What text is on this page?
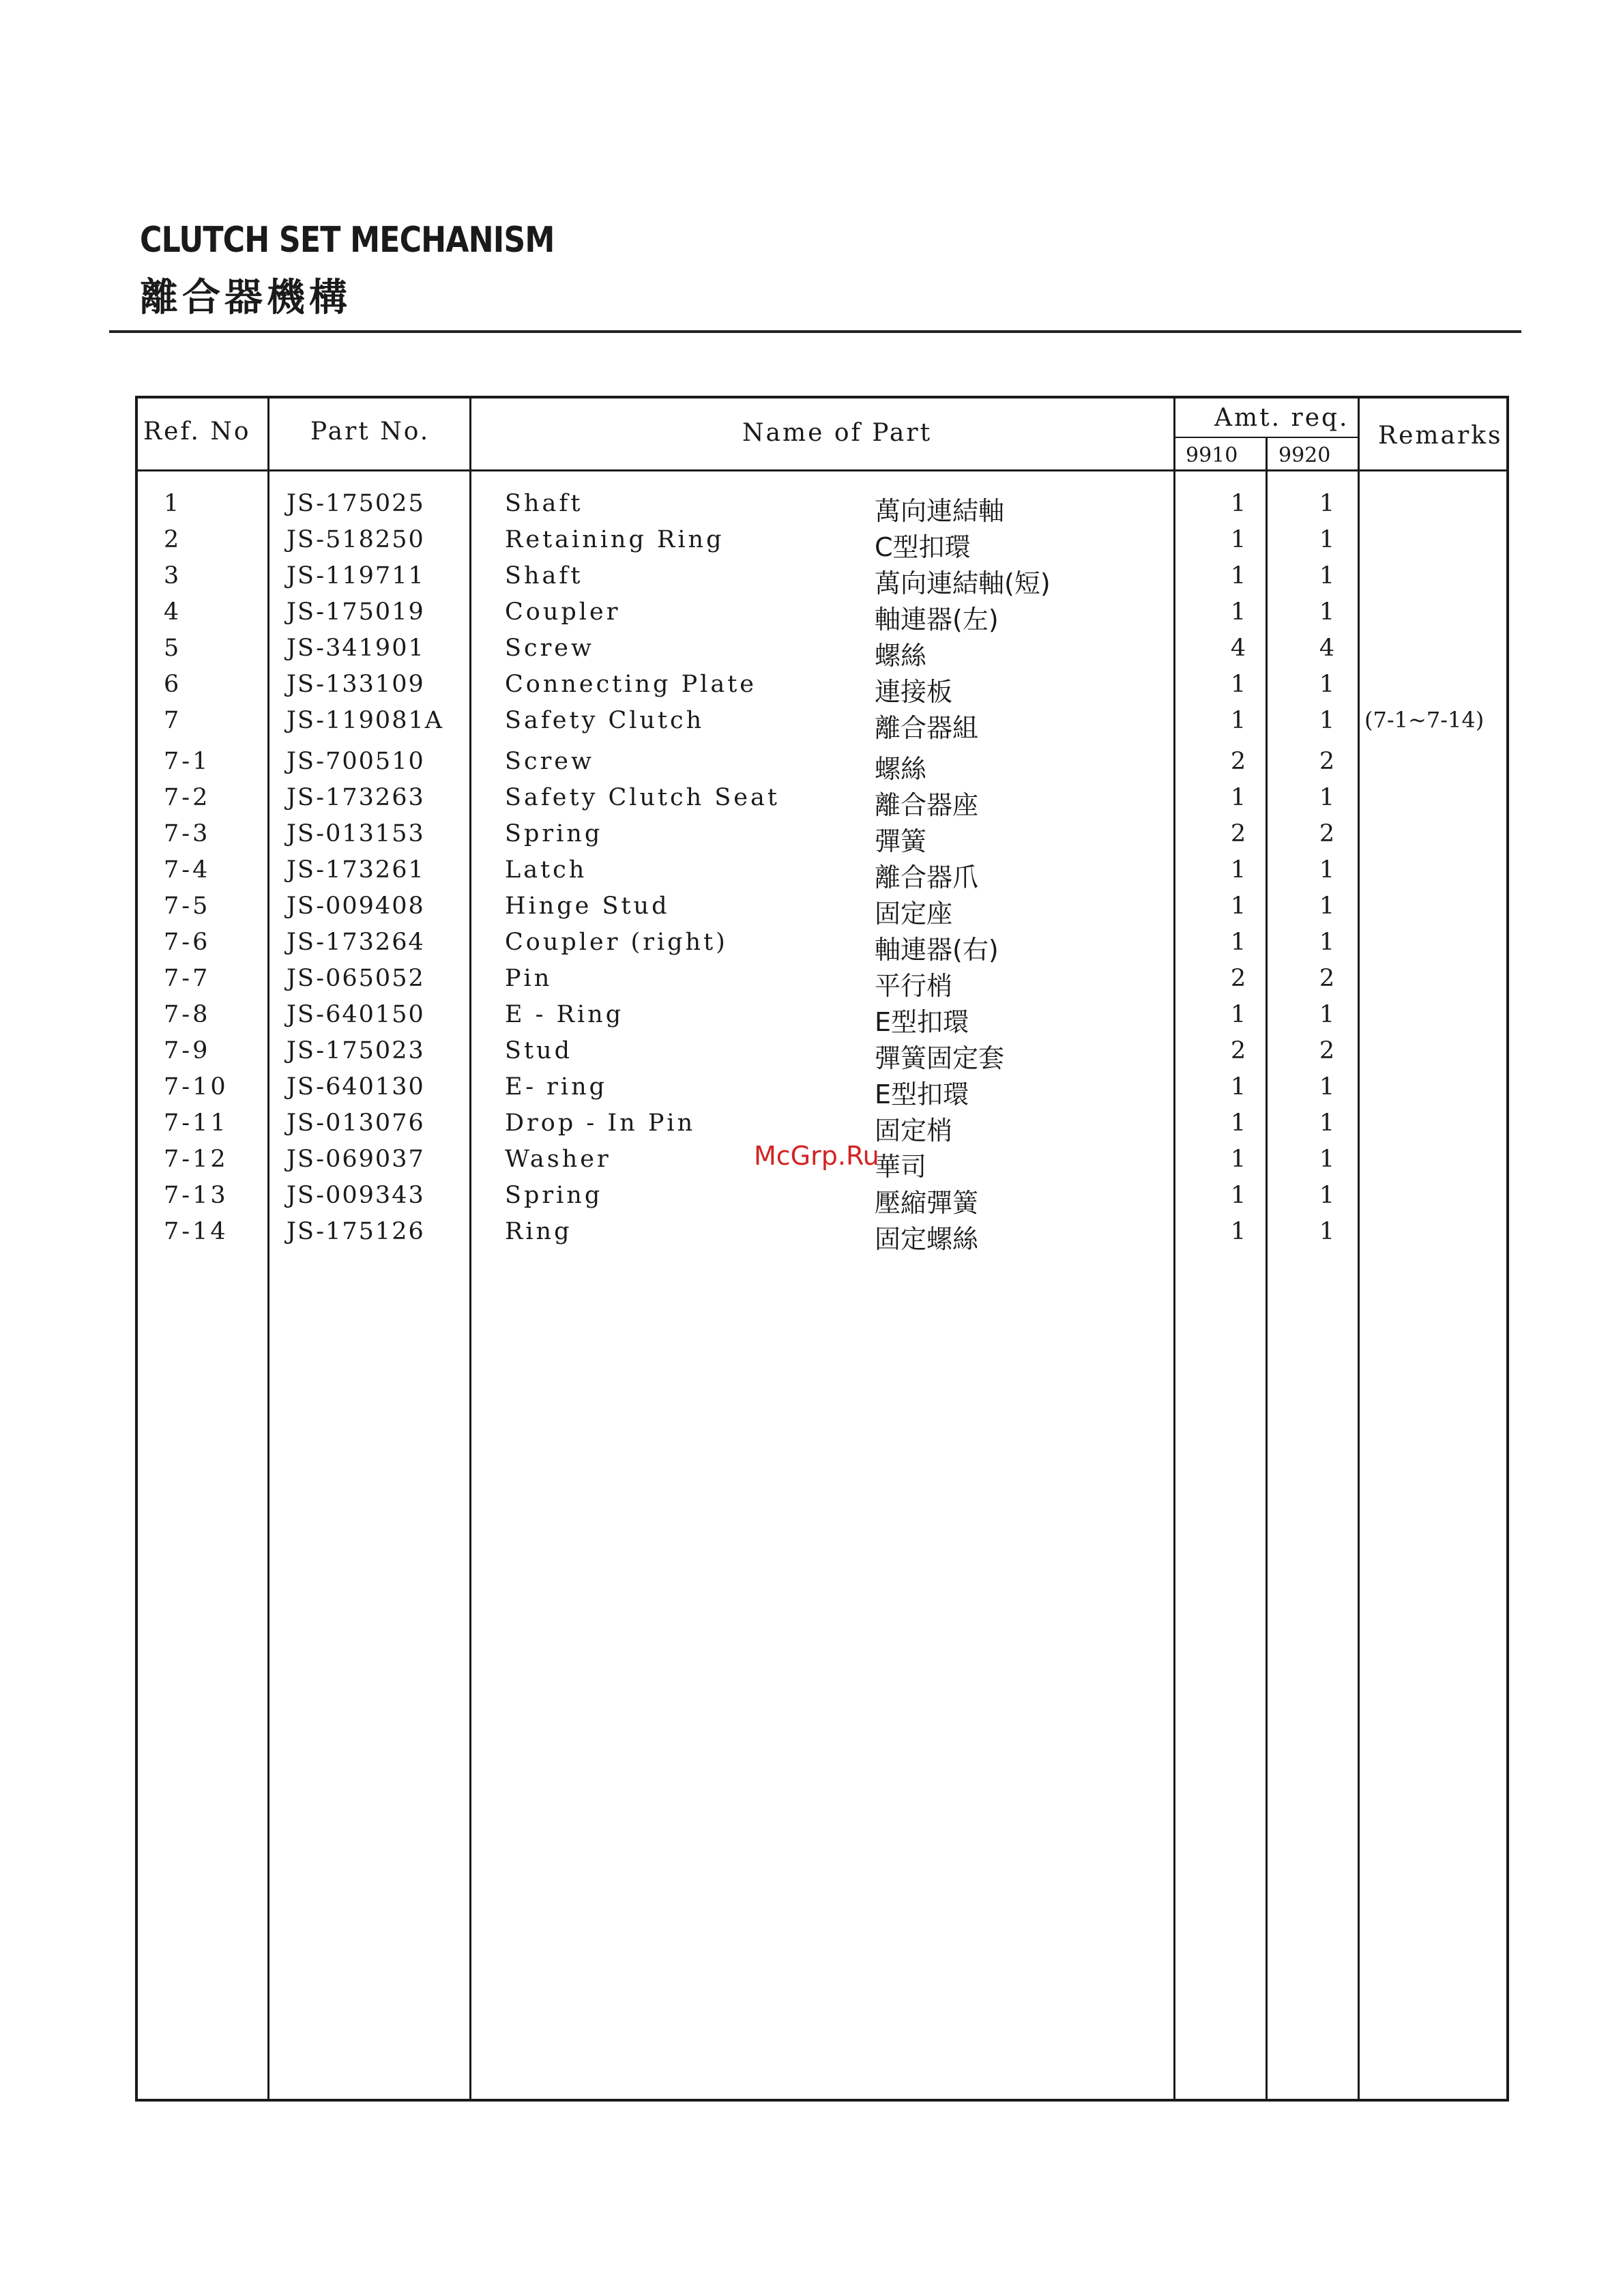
CLUTCH SET MECHANISM
離合器機構
Ref. No Part No.	Name of Part
Amt. req.
9910 9920
Remarks
1	JS-175025	Shaft	萬向連結軸	1	1
2	JS-518250	Retaining Ring	C型扣環	1	1
3	JS-119711	Shaft	萬向連結軸(短)	1	1
4	JS-175019	Coupler	軸連器(左)	1	1
5	JS-341901	Screw	螺絲	4	4
6	JS-133109	Connecting Plate	連接板	1	1
7	JS-119081A	Safety Clutch	離合器組	1	1 (7-1~7-14)
7-1	JS-700510	Screw	螺絲	2	2
7-2	JS-173263	Safety Clutch Seat	離合器座	1	1
7-3	JS-013153	Spring	彈簧	2	2
7-4	JS-173261	Latch	離合器爪	1	1
7-5	JS-009408	Hinge Stud	固定座	1	1
7-6	JS-173264	Coupler (right)	軸連器(右)	1	1
7-7	JS-065052	Pin	平行梢	2	2
7-8	JS-640150	E - Ring	E型扣環	1	1
7-9	JS-175023	Stud	彈簧固定套	2	2
7-10 JS-640130	E- ring	E型扣環	1	1
7-11 JS-013076	Drop - In Pin	固定梢	1	1
7-12 JS-069037	Washer	華司	1	1
7-13 JS-009343	Spring	壓縮彈簧	1	1
7-14 JS-175126	Ring	固定螺絲	1	1
McGrp.Ru
